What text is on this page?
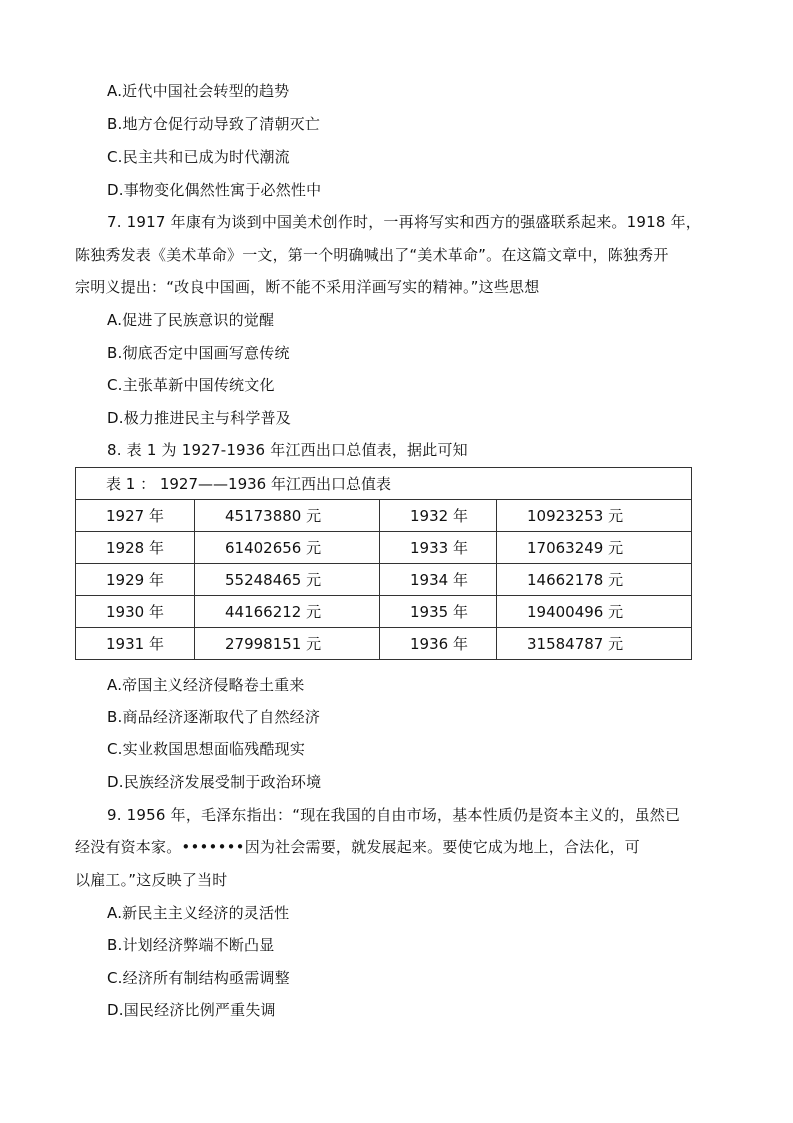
A.近代中国社会转型的趋势
B.地方仓促行动导致了清朝灭亡
C.民主共和已成为时代潮流
D.事物变化偶然性寓于必然性中
7. 1917 年康有为谈到中国美术创作时，一再将写实和西方的强盛联系起来。1918 年，
陈独秀发表《美术革命》一文，第一个明确喊出了“美术革命”。在这篇文章中，陈独秀开
宗明义提出：“改良中国画，断不能不采用洋画写实的精神。”这些思想
A.促进了民族意识的觉醒
B.彻底否定中国画写意传统
C.主张革新中国传统文化
D.极力推进民主与科学普及
8. 表 1 为 1927-1936 年江西出口总值表，据此可知
表 1 ： 1927——1936 年江西出口总值表			
1927 年	45173880 元	1932 年	10923253 元
1928 年	61402656 元	1933 年	17063249 元
1929 年	55248465 元	1934 年	14662178 元
1930 年	44166212 元	1935 年	19400496 元
1931 年	27998151 元	1936 年	31584787 元
A.帝国主义经济侵略卷土重来
B.商品经济逐渐取代了自然经济
C.实业救国思想面临残酷现实
D.民族经济发展受制于政治环境
9. 1956 年，毛泽东指出：“现在我国的自由市场，基本性质仍是资本主义的，虽然已
经没有资本家。•••••••因为社会需要，就发展起来。要使它成为地上，合法化，可
以雇工。”这反映了当时
A.新民主主义经济的灵活性
B.计划经济弊端不断凸显
C.经济所有制结构亟需调整
D.国民经济比例严重失调
